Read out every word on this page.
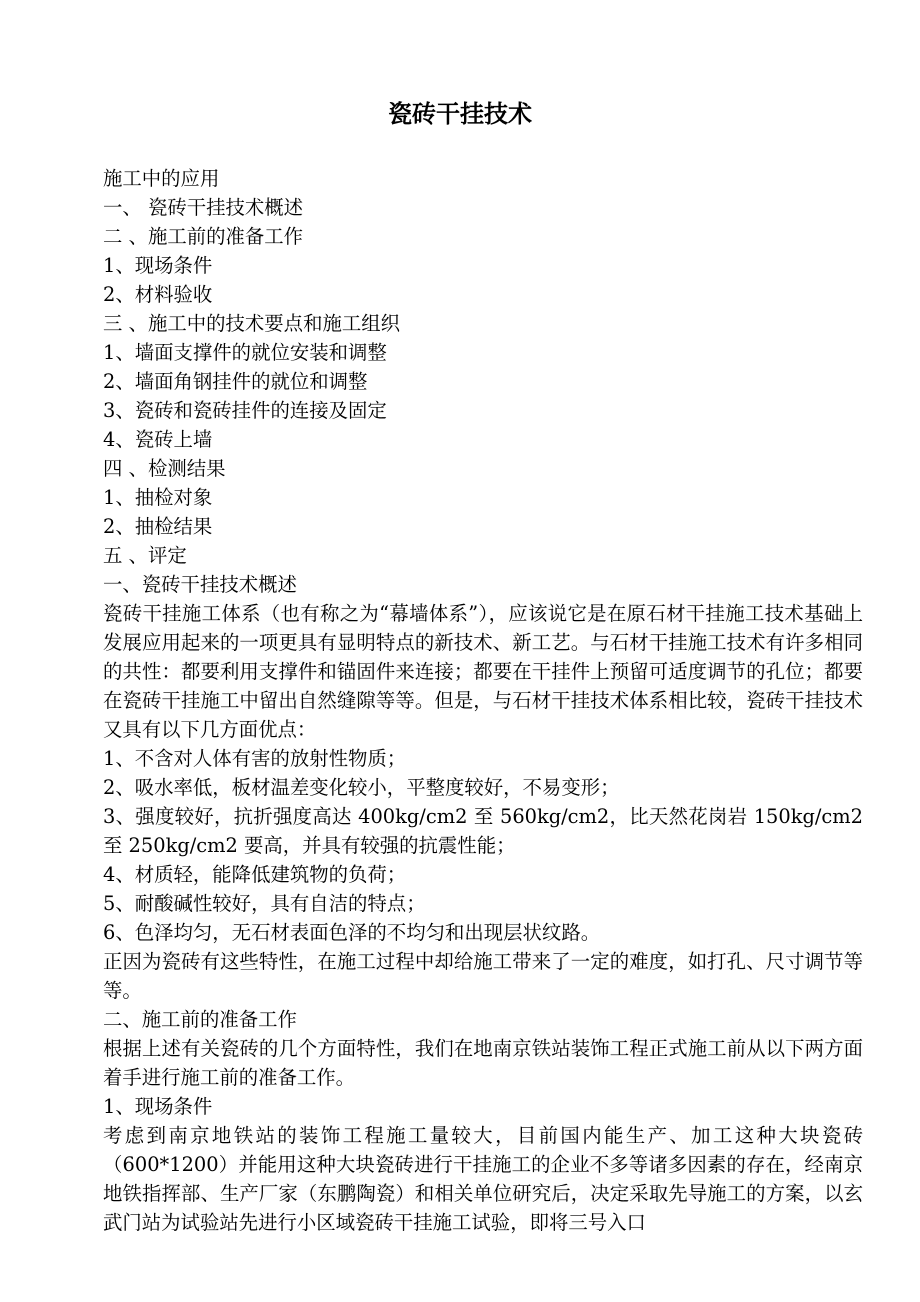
瓷砖干挂技术

施工中的应用

一、 瓷砖干挂技术概述

二 、施工前的准备工作

1、现场条件

2、材料验收

三 、施工中的技术要点和施工组织

1、墙面支撑件的就位安装和调整

2、墙面角钢挂件的就位和调整

3、瓷砖和瓷砖挂件的连接及固定

4、瓷砖上墙

四 、检测结果

1、抽检对象

2、抽检结果

五 、评定

一、瓷砖干挂技术概述

瓷砖干挂施工体系（也有称之为“幕墙体系”），应该说它是在原石材干挂施工技术基础上发展应用起来的一项更具有显明特点的新技术、新工艺。与石材干挂施工技术有许多相同的共性：都要利用支撑件和锚固件来连接；都要在干挂件上预留可适度调节的孔位；都要在瓷砖干挂施工中留出自然缝隙等等。但是，与石材干挂技术体系相比较，瓷砖干挂技术又具有以下几方面优点：

1、不含对人体有害的放射性物质；

2、吸水率低，板材温差变化较小，平整度较好，不易变形；

3、强度较好，抗折强度高达 400kg/cm2 至 560kg/cm2，比天然花岗岩 150kg/cm2 至 250kg/cm2 要高，并具有较强的抗震性能；

4、材质轻，能降低建筑物的负荷；

5、耐酸碱性较好，具有自洁的特点；

6、色泽均匀，无石材表面色泽的不均匀和出现层状纹路。

正因为瓷砖有这些特性，在施工过程中却给施工带来了一定的难度，如打孔、尺寸调节等等。

二、施工前的准备工作

根据上述有关瓷砖的几个方面特性，我们在地南京铁站装饰工程正式施工前从以下两方面着手进行施工前的准备工作。

1、现场条件

考虑到南京地铁站的装饰工程施工量较大，目前国内能生产、加工这种大块瓷砖（600*1200）并能用这种大块瓷砖进行干挂施工的企业不多等诸多因素的存在，经南京地铁指挥部、生产厂家（东鹏陶瓷）和相关单位研究后，决定采取先导施工的方案，以玄武门站为试验站先进行小区域瓷砖干挂施工试验，即将三号入口
